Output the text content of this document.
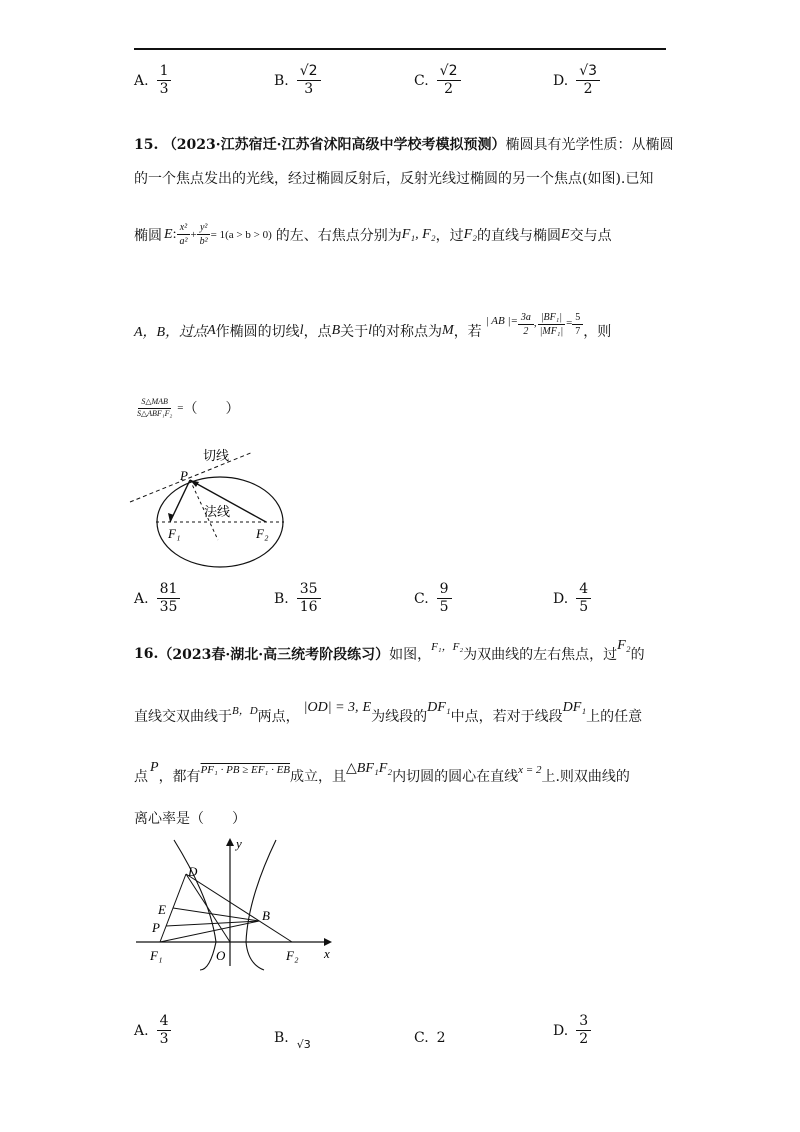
A. $\frac{1}{3}$	B. $\frac{√2}{3}$	C. $\frac{√2}{2}$	D. $\frac{√3}{2}$
15. （2023·江苏宿迁·江苏省沭阳高级中学校考模拟预测）椭圆具有光学性质：从椭圆
的一个焦点发出的光线，经过椭圆反射后，反射光线过椭圆的另一个焦点(如图).已知
椭圆 E : $\frac{\text{x²}}{\text{a²}} + \frac{\text{y²}}{\text{b²}} = 1(a > b > 0)$ 的左、右焦点分别为 F₁, F₂ ，过 F₂ 的直线与椭圆 E 交与点
A，B，过点 A 作椭圆的切线 l ，点 B 关于 l 的对称点为 M ，若
| AB |= $\frac{3a}{2}$ , $\frac{\text{|BF₁|}}{\text{|MF₁|}} = \frac{5}{7}$ ，则
$\frac{\text{S△MAB}}{\text{S△ABF₁F₂}}$ = （　　）
切线
法线
P
F₁	F₂
A. $\frac{81}{35}$	B. $\frac{35}{16}$	C. $\frac{9}{5}$	D. $\frac{4}{5}$
16. （2023春·湖北·高三统考阶段练习） 如图， F₁，F₂ 为双曲线的左右焦点，过
F₂
的
直线交双曲线于 B，D 两点，
|OD| = 3, E
为线段的
DF₁
中点，若对于线段
DF₁
上的任意
点
P
，都有 PF₁ · PB ≥ EF₁ · EB 成立，且
△BF₁F₂
内切圆的圆心在直线 x = 2 上.则双曲线的
离心率是（　　）
y
x
D
E
P
B
F₁	O	F₂
A. $\frac{4}{3}$	B. √3	C. 2	D. $\frac{3}{2}$
